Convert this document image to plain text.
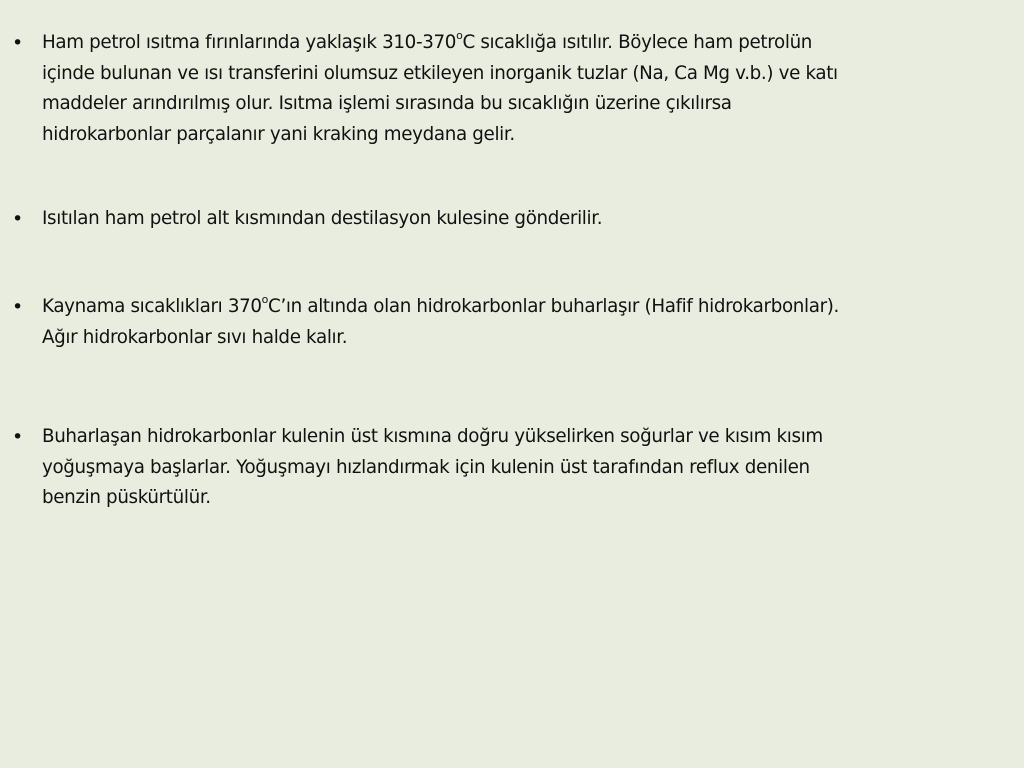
• Ham petrol ısıtma fırınlarında yaklaşık 310-370$^o$C sıcaklığa ısıtılır. Böylece ham petrolün
içinde bulunan ve ısı transferini olumsuz etkileyen inorganik tuzlar (Na, Ca Mg v.b.) ve katı
maddeler arındırılmış olur. Isıtma işlemi sırasında bu sıcaklığın üzerine çıkılırsa
hidrokarbonlar parçalanır yani kraking meydana gelir.
• Isıtılan ham petrol alt kısmından destilasyon kulesine gönderilir.
• Kaynama sıcaklıkları 370$^o$C’ın altında olan hidrokarbonlar buharlaşır (Hafif hidrokarbonlar).
Ağır hidrokarbonlar sıvı halde kalır.
• Buharlaşan hidrokarbonlar kulenin üst kısmına doğru yükselirken soğurlar ve kısım kısım
yoğuşmaya başlarlar. Yoğuşmayı hızlandırmak için kulenin üst tarafından reflux denilen
benzin püskürtülür.
